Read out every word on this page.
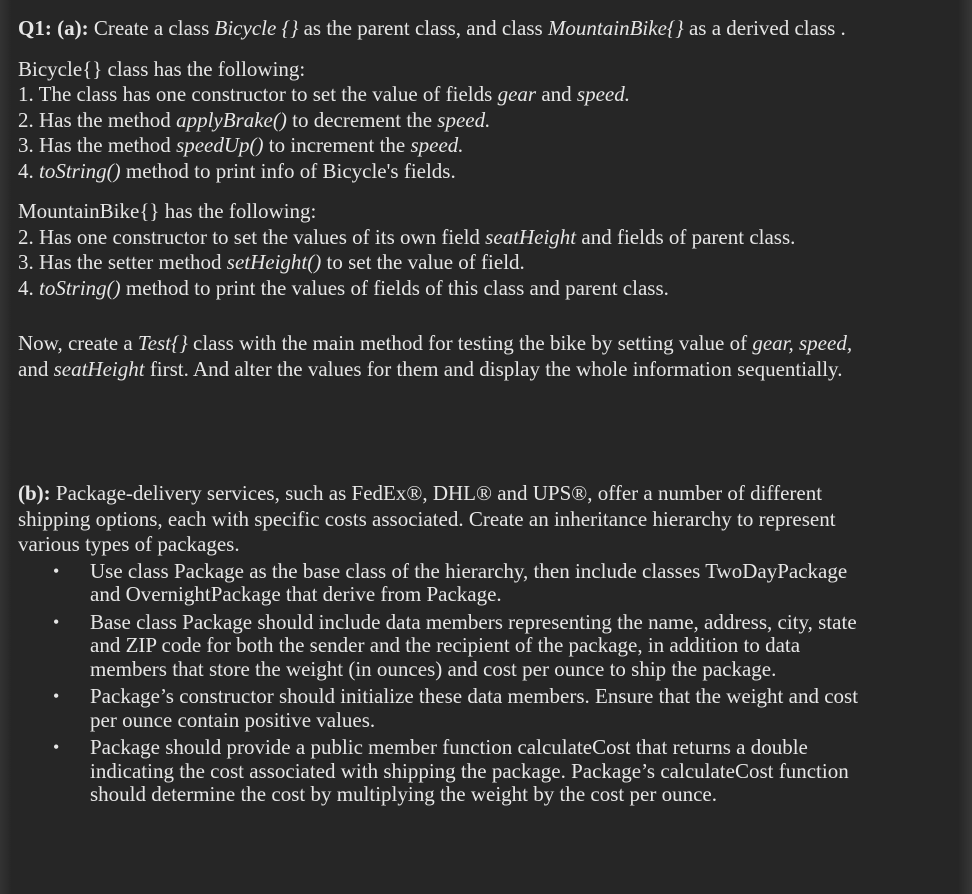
Q1: (a): Create a class Bicycle {} as the parent class, and class MountainBike{} as a derived class .

Bicycle{} class has the following:

1. The class has one constructor to set the value of fields gear and speed.

2. Has the method applyBrake() to decrement the speed.

3. Has the method speedUp() to increment the speed.

4. toString() method to print info of Bicycle's fields.

MountainBike{} has the following:

2. Has one constructor to set the values of its own field seatHeight and fields of parent class.

3. Has the setter method setHeight() to set the value of field.

4. toString() method to print the values of fields of this class and parent class.

Now, create a Test{} class with the main method for testing the bike by setting value of gear, speed,

and seatHeight first. And alter the values for them and display the whole information sequentially.

(b): Package-delivery services, such as FedEx®, DHL® and UPS®, offer a number of different

shipping options, each with specific costs associated. Create an inheritance hierarchy to represent

various types of packages.

• Use class Package as the base class of the hierarchy, then include classes TwoDayPackage
and OvernightPackage that derive from Package.
• Base class Package should include data members representing the name, address, city, state
and ZIP code for both the sender and the recipient of the package, in addition to data
members that store the weight (in ounces) and cost per ounce to ship the package.
• Package’s constructor should initialize these data members. Ensure that the weight and cost
per ounce contain positive values.
• Package should provide a public member function calculateCost that returns a double
indicating the cost associated with shipping the package. Package’s calculateCost function
should determine the cost by multiplying the weight by the cost per ounce.
